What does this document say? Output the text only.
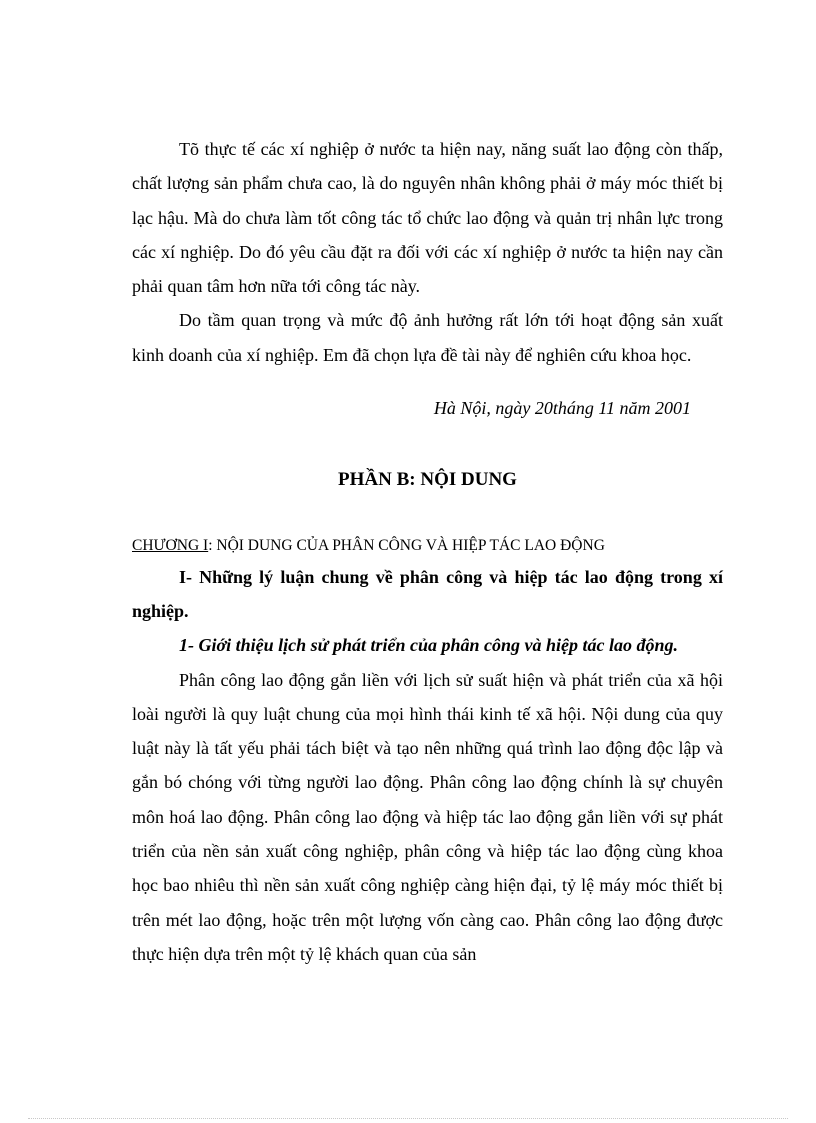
Tõ thực tế các xí nghiệp ở nước ta hiện nay, năng suất lao động còn thấp, chất lượng sản phẩm chưa cao, là do nguyên nhân không phải ở máy móc thiết bị lạc hậu. Mà do chưa làm tốt công tác tổ chức lao động và quản trị nhân lực trong các xí nghiệp. Do đó yêu cầu đặt ra đối với các xí nghiệp ở nước ta hiện nay cần phải quan tâm hơn nữa tới công tác này.

Do tầm quan trọng và mức độ ảnh hưởng rất lớn tới hoạt động sản xuất kinh doanh của xí nghiệp. Em đã chọn lựa đề tài này để nghiên cứu khoa học.

Hà Nội, ngày 20tháng 11 năm 2001

PHẦN B: NỘI DUNG

CHƯƠNG I: NỘI DUNG CỦA PHÂN CÔNG VÀ HIỆP TÁC LAO ĐỘNG

I- Những lý luận chung về phân công và hiệp tác lao động trong xí nghiệp.

1- Giới thiệu lịch sử phát triển của phân công và hiệp tác lao động.

Phân công lao động gắn liền với lịch sử suất hiện và phát triển của xã hội loài người là quy luật chung của mọi hình thái kinh tế xã hội. Nội dung của quy luật này là tất yếu phải tách biệt và tạo nên những quá trình lao động độc lập và gắn bó chóng với từng người lao động. Phân công lao động chính là sự chuyên môn hoá lao động. Phân công lao động và hiệp tác lao động gắn liền với sự phát triển của nền sản xuất công nghiệp, phân công và hiệp tác lao động cùng khoa học bao nhiêu thì nền sản xuất công nghiệp càng hiện đại, tỷ lệ máy móc thiết bị trên mét lao động, hoặc trên một lượng vốn càng cao. Phân công lao động được thực hiện dựa trên một tỷ lệ khách quan của sản
